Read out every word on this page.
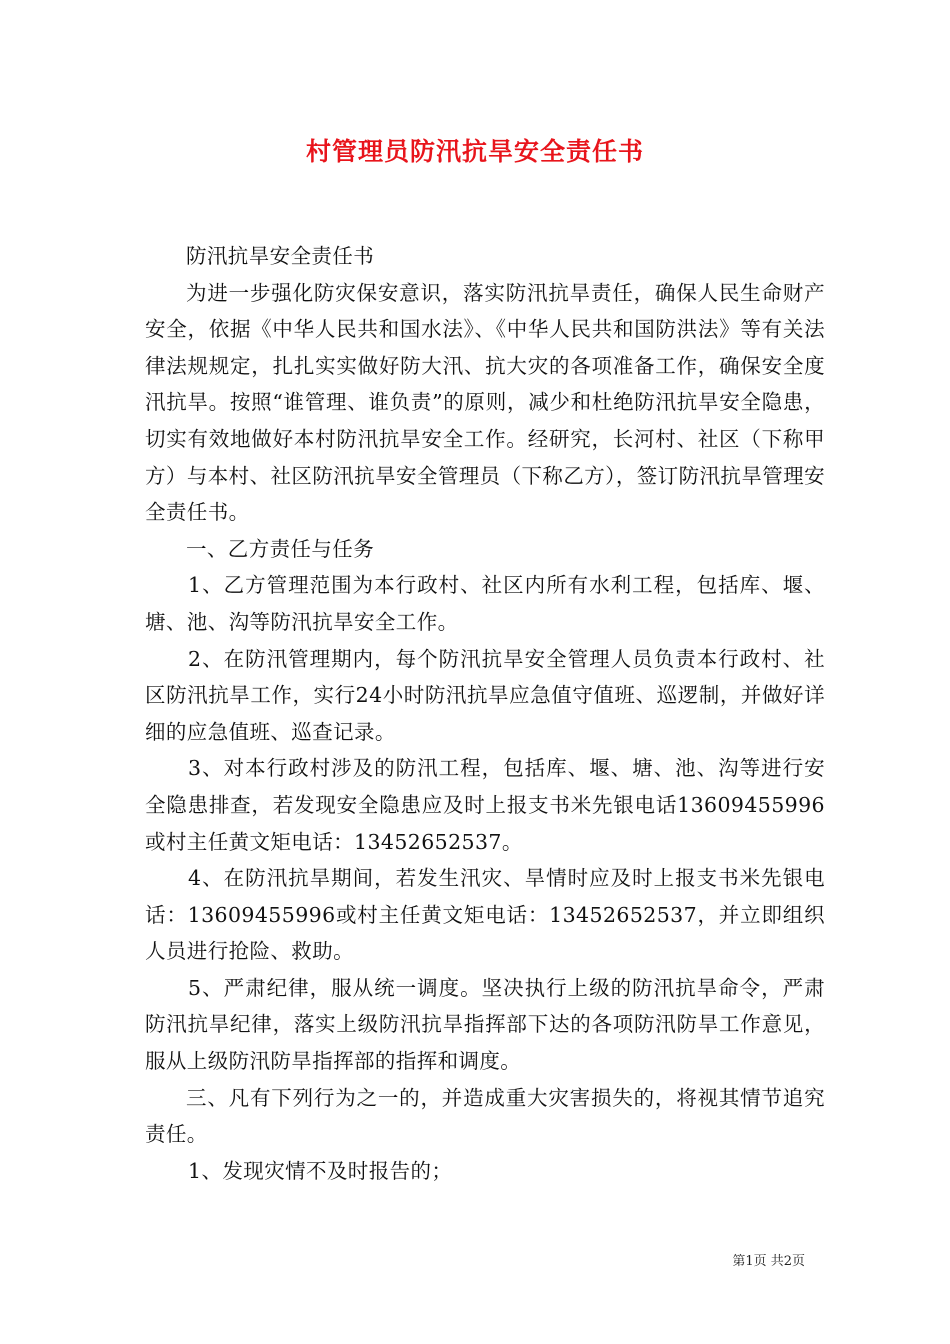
村管理员防汛抗旱安全责任书

防汛抗旱安全责任书

为进一步强化防灾保安意识，落实防汛抗旱责任，确保人民生命财产安全，依据《中华人民共和国水法》、《中华人民共和国防洪法》等有关法律法规规定，扎扎实实做好防大汛、抗大灾的各项准备工作，确保安全度汛抗旱。按照“谁管理、谁负责”的原则，减少和杜绝防汛抗旱安全隐患，切实有效地做好本村防汛抗旱安全工作。经研究，长河村、社区（下称甲方）与本村、社区防汛抗旱安全管理员（下称乙方），签订防汛抗旱管理安全责任书。

一、乙方责任与任务

1、乙方管理范围为本行政村、社区内所有水利工程，包括库、堰、塘、池、沟等防汛抗旱安全工作。

2、在防汛管理期内，每个防汛抗旱安全管理人员负责本行政村、社区防汛抗旱工作，实行24小时防汛抗旱应急值守值班、巡逻制，并做好详细的应急值班、巡查记录。

3、对本行政村涉及的防汛工程，包括库、堰、塘、池、沟等进行安全隐患排查，若发现安全隐患应及时上报支书米先银电话13609455996或村主任黄文矩电话：13452652537。

4、在防汛抗旱期间，若发生汛灾、旱情时应及时上报支书米先银电话：13609455996或村主任黄文矩电话：13452652537，并立即组织人员进行抢险、救助。

5、严肃纪律，服从统一调度。坚决执行上级的防汛抗旱命令，严肃防汛抗旱纪律，落实上级防汛抗旱指挥部下达的各项防汛防旱工作意见，服从上级防汛防旱指挥部的指挥和调度。

三、凡有下列行为之一的，并造成重大灾害损失的，将视其情节追究责任。

1、发现灾情不及时报告的；

第1页 共2页
